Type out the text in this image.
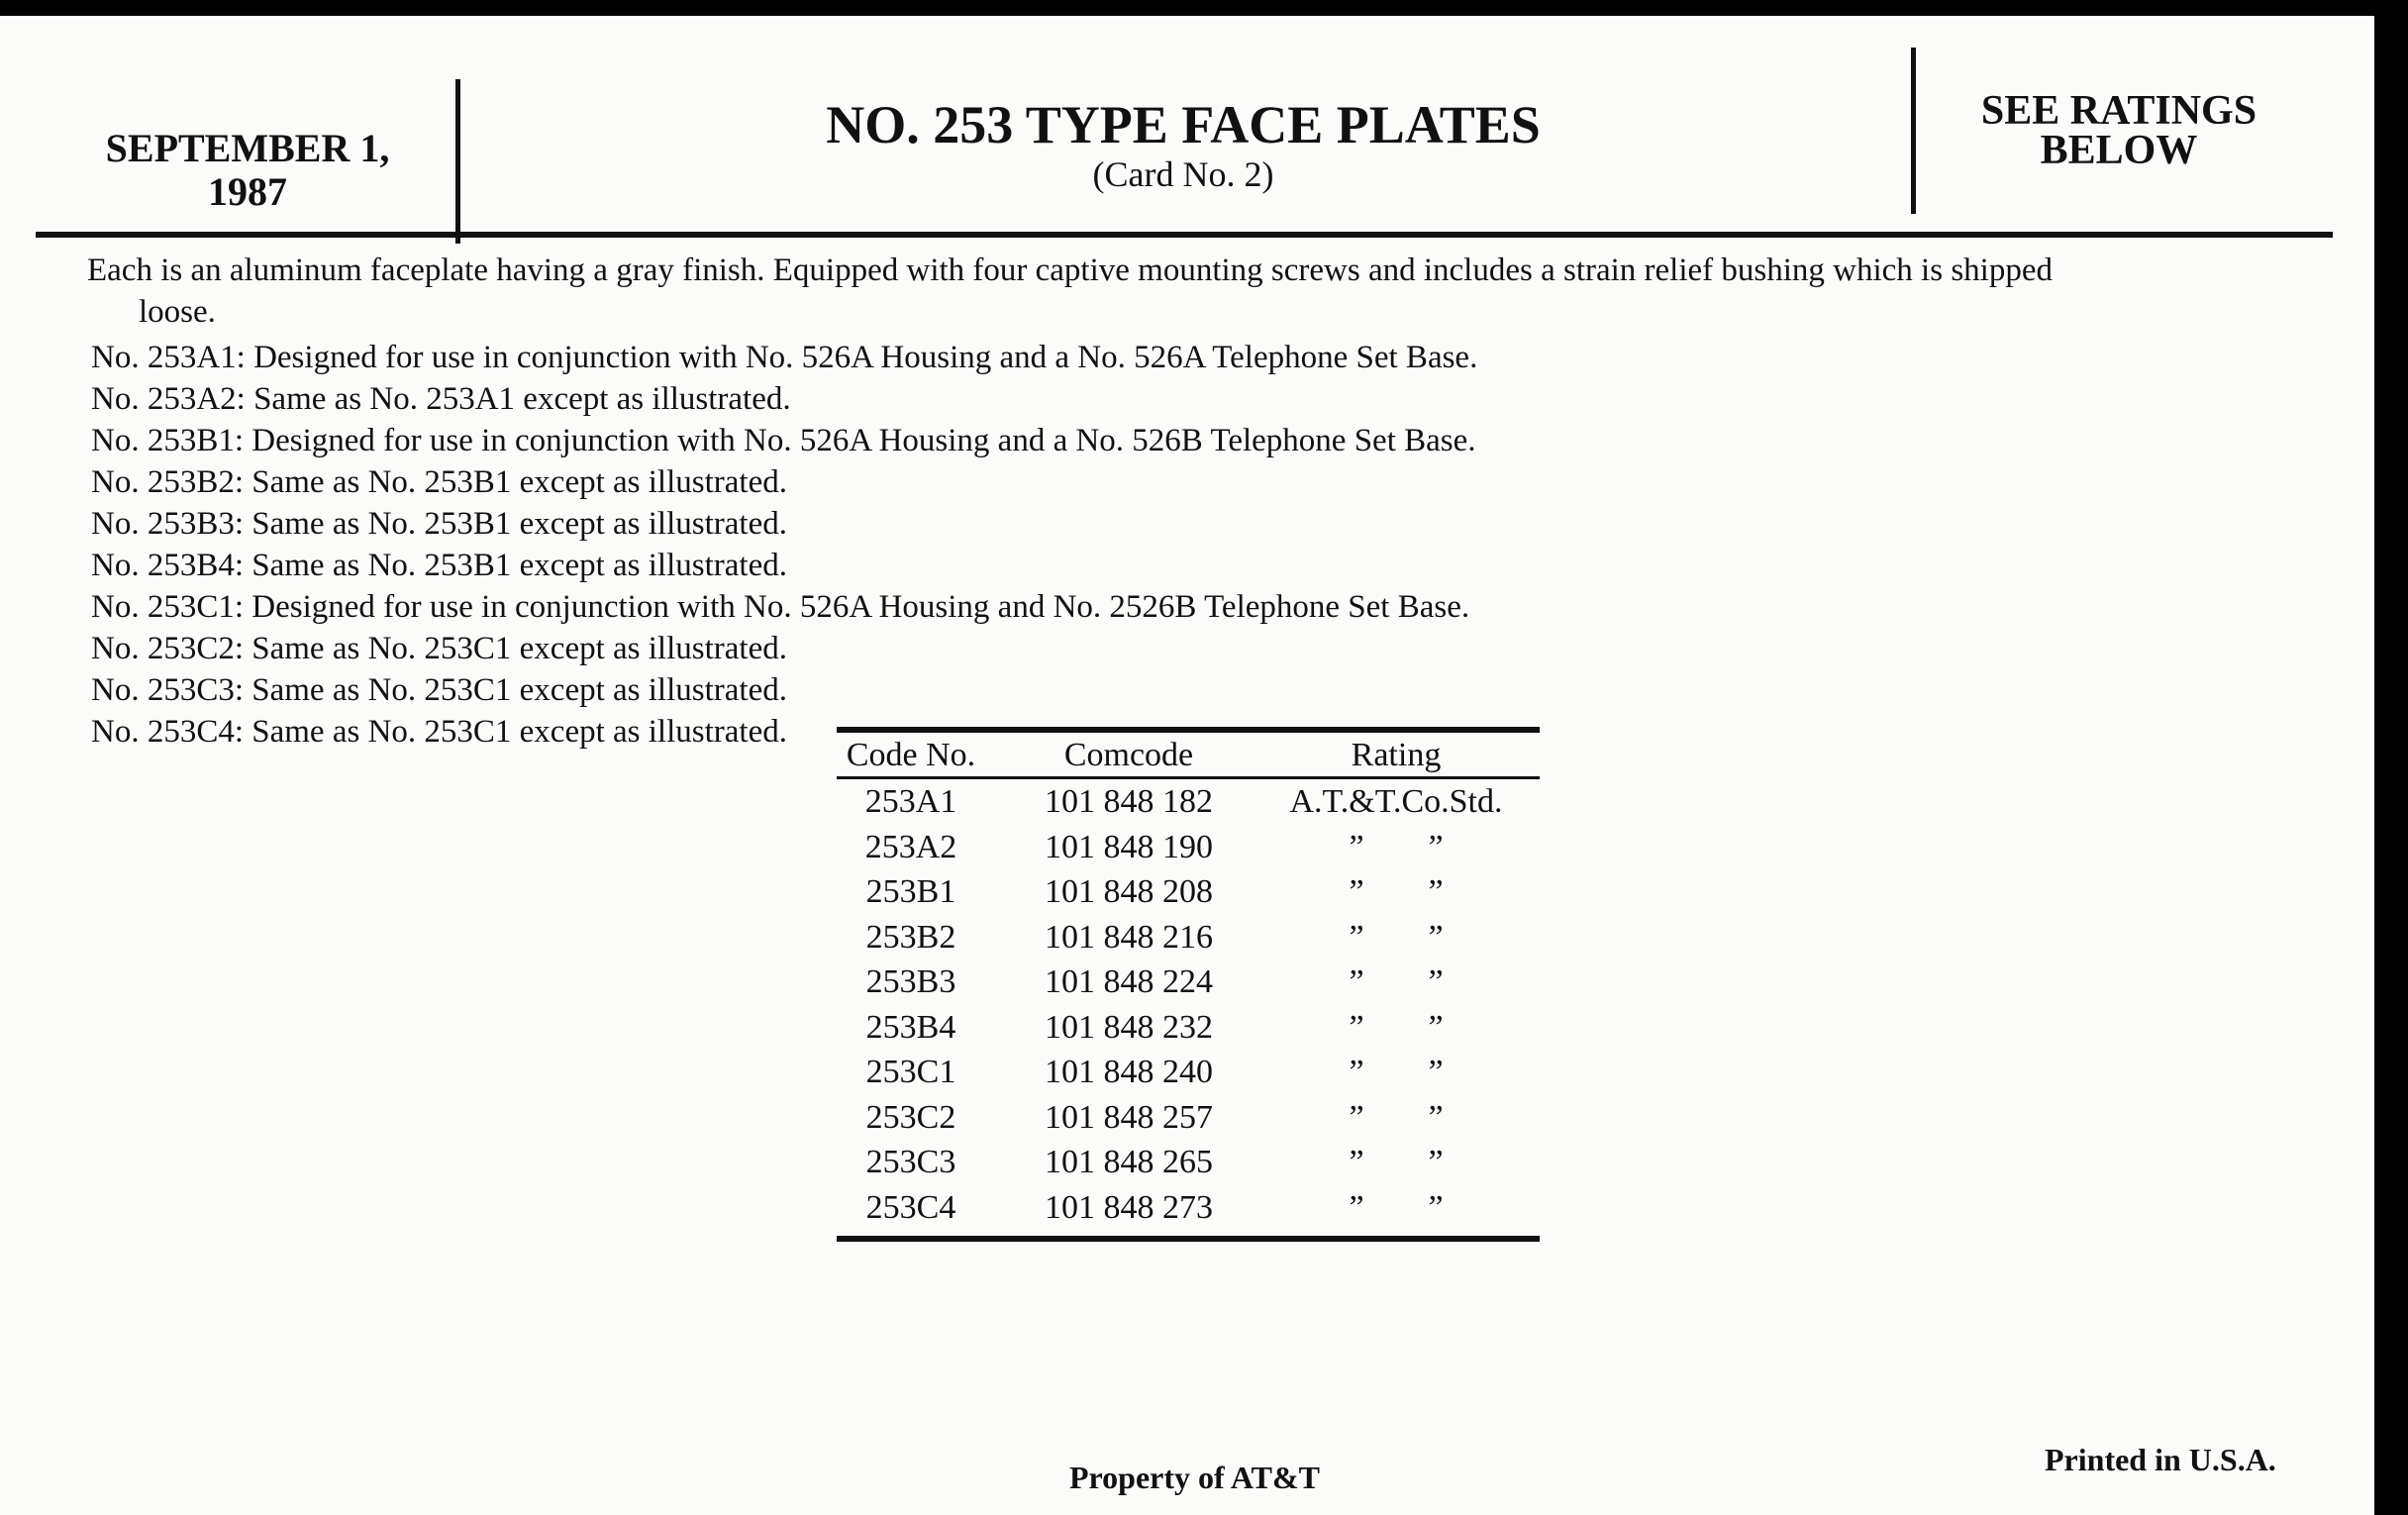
SEPTEMBER 1,
1987
NO. 253 TYPE FACE PLATES
(Card No. 2)
SEE RATINGS
BELOW
Each is an aluminum faceplate having a gray finish. Equipped with four captive mounting screws and includes a strain relief bushing which is shipped
loose.
No. 253A1: Designed for use in conjunction with No. 526A Housing and a No. 526A Telephone Set Base.
No. 253A2: Same as No. 253A1 except as illustrated.
No. 253B1: Designed for use in conjunction with No. 526A Housing and a No. 526B Telephone Set Base.
No. 253B2: Same as No. 253B1 except as illustrated.
No. 253B3: Same as No. 253B1 except as illustrated.
No. 253B4: Same as No. 253B1 except as illustrated.
No. 253C1: Designed for use in conjunction with No. 526A Housing and No. 2526B Telephone Set Base.
No. 253C2: Same as No. 253C1 except as illustrated.
No. 253C3: Same as No. 253C1 except as illustrated.
No. 253C4: Same as No. 253C1 except as illustrated.
Code No.	Comcode	Rating
253A1	101 848 182	A.T.&T.Co.Std.
253A2	101 848 190	” ”
253B1	101 848 208	” ”
253B2	101 848 216	” ”
253B3	101 848 224	” ”
253B4	101 848 232	” ”
253C1	101 848 240	” ”
253C2	101 848 257	” ”
253C3	101 848 265	” ”
253C4	101 848 273	” ”
Property of AT&T	Printed in U.S.A.
